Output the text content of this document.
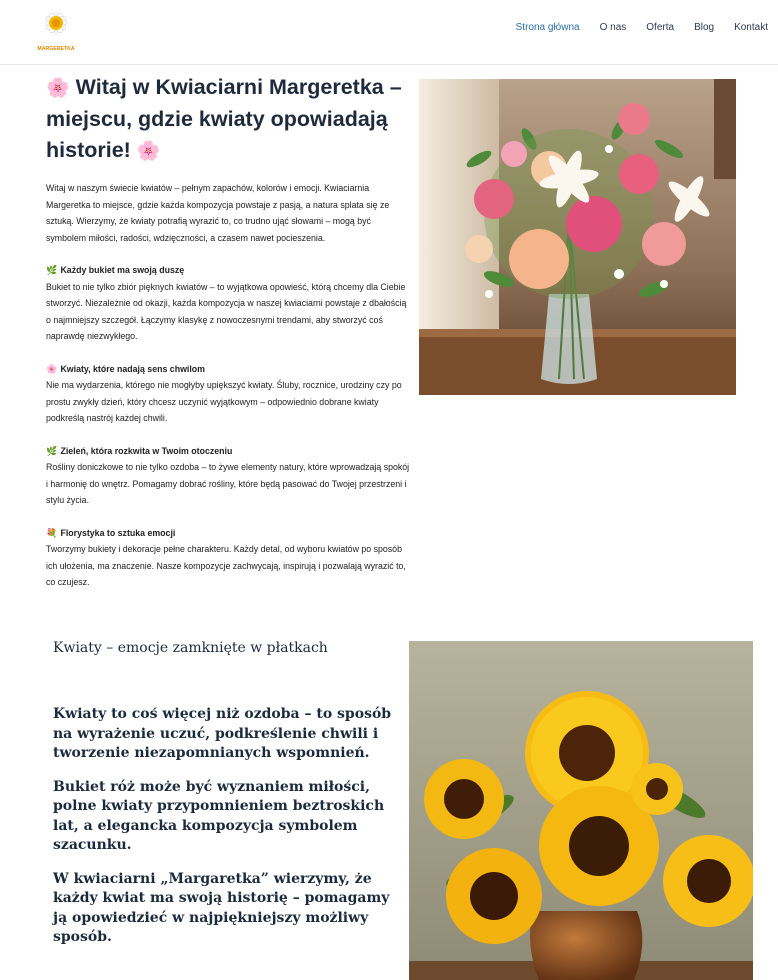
MARGERETKA
Strona główna O nas Oferta Blog Kontakt
🌸 Witaj w Kwiaciarni Margeretka – miejscu, gdzie kwiaty opowiadają historie! 🌸

Witaj w naszym świecie kwiatów – pełnym zapachów, kolorów i emocji. Kwiaciarnia Margeretka to miejsce, gdzie każda kompozycja powstaje z pasją, a natura splata się ze sztuką. Wierzymy, że kwiaty potrafią wyrazić to, co trudno ująć słowami – mogą być symbolem miłości, radości, wdzięczności, a czasem nawet pocieszenia.

🌿 Każdy bukiet ma swoją duszę
Bukiet to nie tylko zbiór pięknych kwiatów – to wyjątkowa opowieść, którą chcemy dla Ciebie stworzyć. Niezależnie od okazji, każda kompozycja w naszej kwiaciarni powstaje z dbałością o najmniejszy szczegół. Łączymy klasykę z nowoczesnymi trendami, aby stworzyć coś naprawdę niezwykłego.

🌸 Kwiaty, które nadają sens chwilom
Nie ma wydarzenia, którego nie mogłyby upiększyć kwiaty. Śluby, rocznice, urodziny czy po prostu zwykły dzień, który chcesz uczynić wyjątkowym – odpowiednio dobrane kwiaty podkreślą nastrój każdej chwili.

🌿 Zieleń, która rozkwita w Twoim otoczeniu
Rośliny doniczkowe to nie tylko ozdoba – to żywe elementy natury, które wprowadzają spokój i harmonię do wnętrz. Pomagamy dobrać rośliny, które będą pasować do Twojej przestrzeni i stylu życia.

💐 Florystyka to sztuka emocji
Tworzymy bukiety i dekoracje pełne charakteru. Każdy detal, od wyboru kwiatów po sposób ich ułożenia, ma znaczenie. Nasze kompozycje zachwycają, inspirują i pozwalają wyrazić to, co czujesz.

Kwiaty – emocje zamknięte w płatkach

Kwiaty to coś więcej niż ozdoba – to sposób na wyrażenie uczuć, podkreślenie chwili i tworzenie niezapomnianych wspomnień.

Bukiet róż może być wyznaniem miłości, polne kwiaty przypomnieniem beztroskich lat, a elegancka kompozycja symbolem szacunku.

W kwiaciarni „Margaretka” wierzymy, że każdy kwiat ma swoją historię – pomagamy ją opowiedzieć w najpiękniejszy możliwy sposób.
